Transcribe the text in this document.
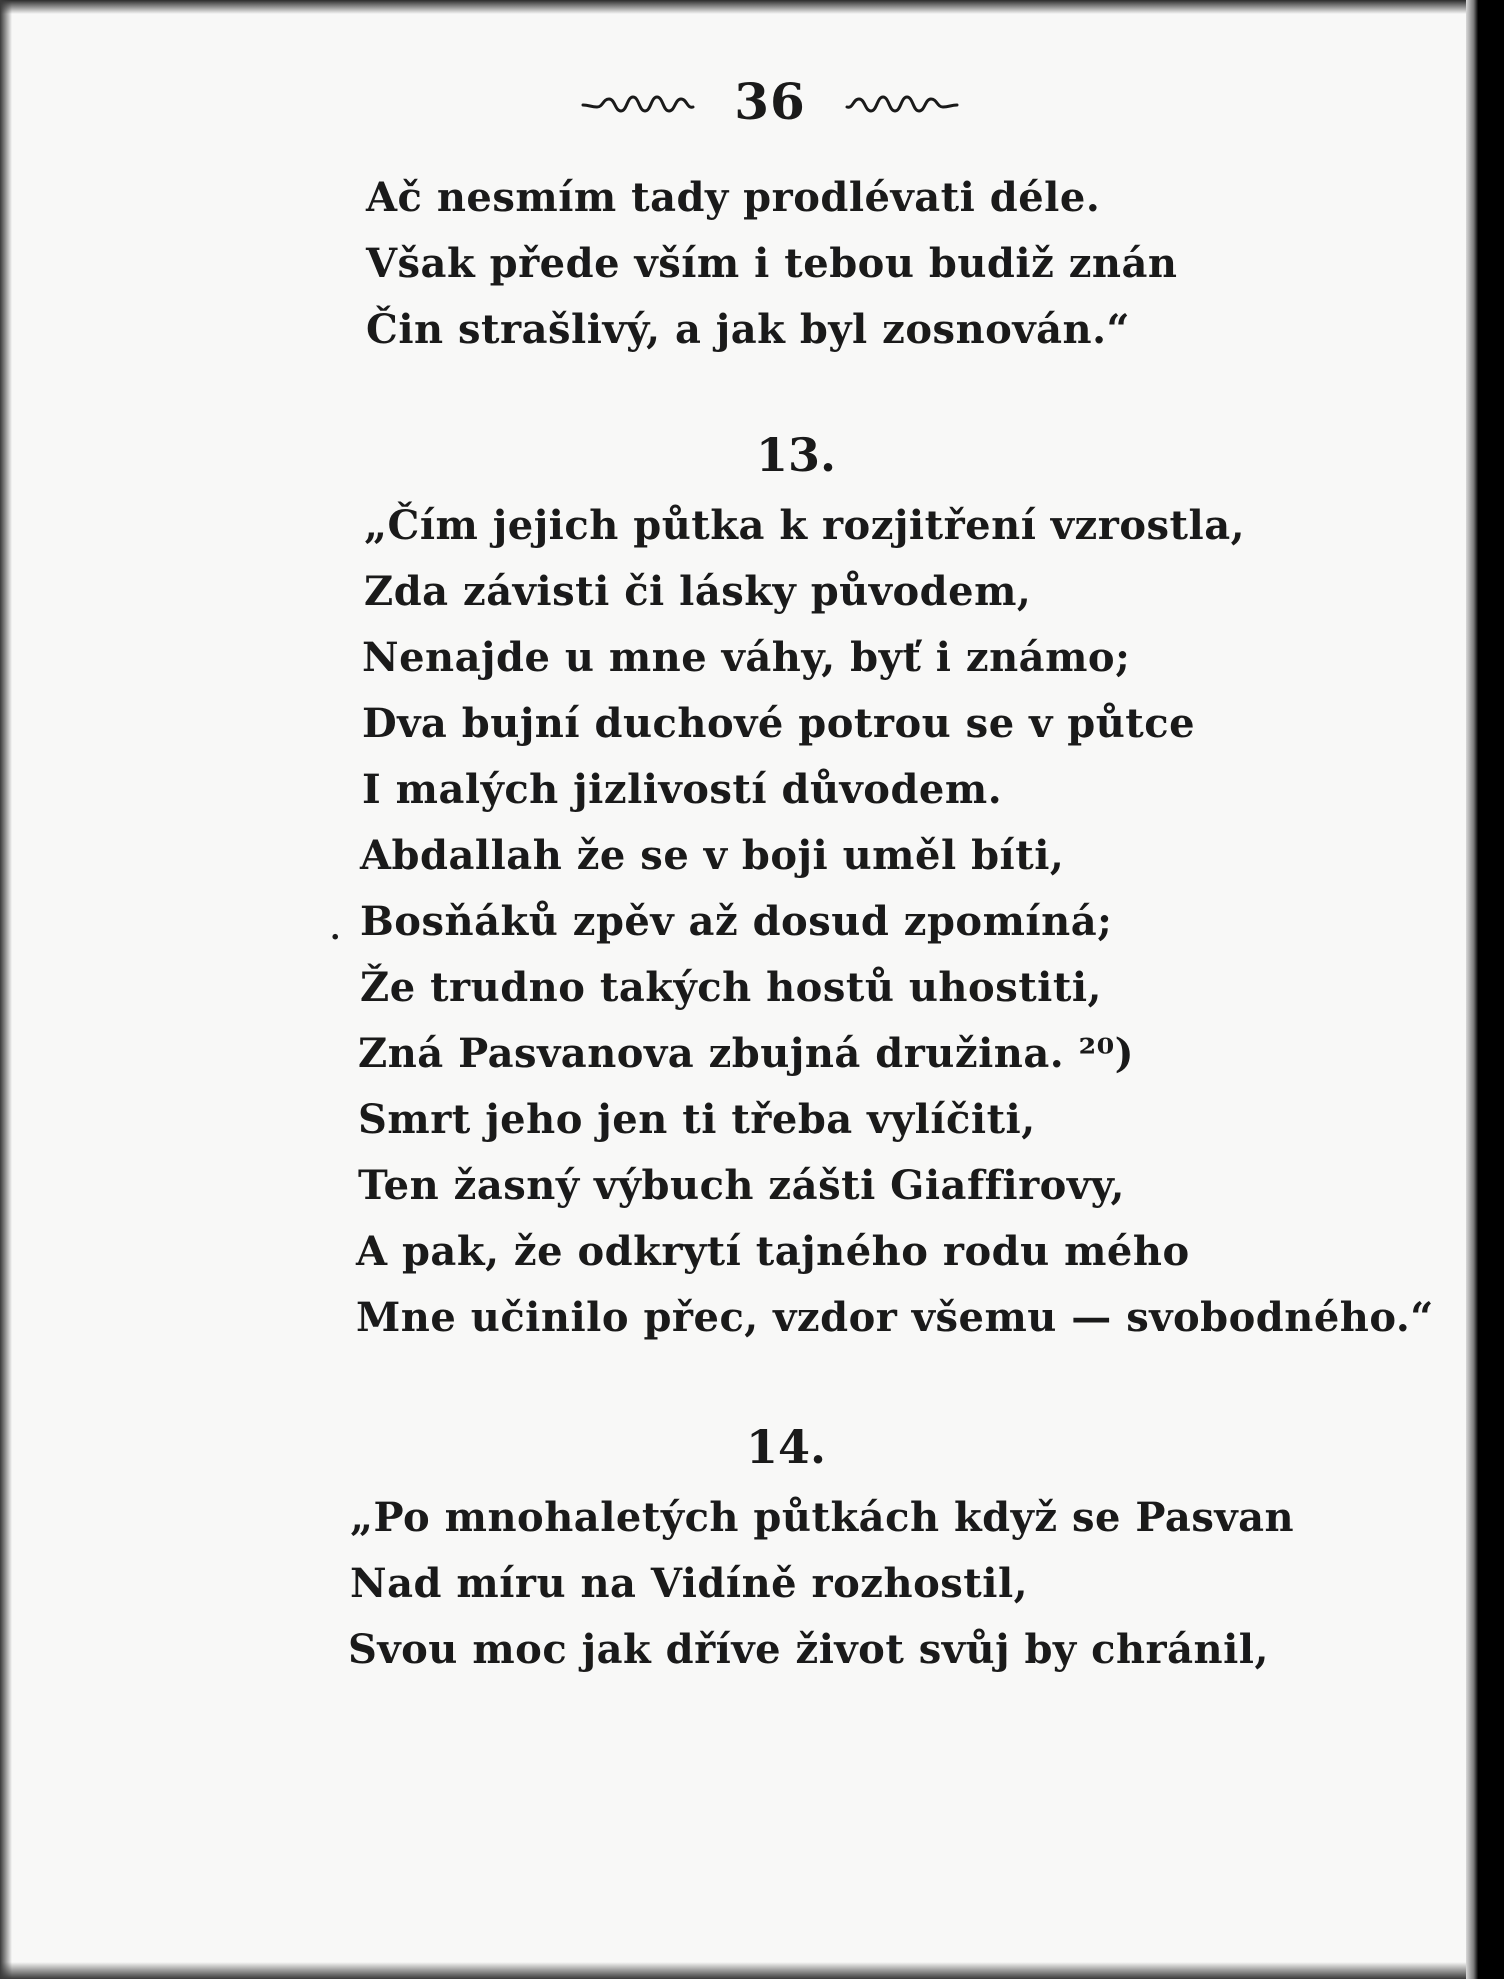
36
Ač nesmím tady prodlévati déle.
Však přede vším i tebou budiž znán
Čin strašlivý, a jak byl zosnován.“
13.
„Čím jejich půtka k rozjitření vzrostla,
Zda závisti či lásky původem,
Nenajde u mne váhy, byť i známo;
Dva bujní duchové potrou se v půtce
I malých jizlivostí důvodem.
Abdallah že se v boji uměl bíti,
. Bosňáků zpěv až dosud zpomíná;
Že trudno takých hostů uhostiti,
Zná Pasvanova zbujná družina. ²⁰)
Smrt jeho jen ti třeba vylíčiti,
Ten žasný výbuch zášti Giaffirovy,
A pak, že odkrytí tajného rodu mého
Mne učinilo přec, vzdor všemu — svobodného.“
14.
„Po mnohaletých půtkách když se Pasvan
Nad míru na Vidíně rozhostil,
Svou moc jak dříve život svůj by chránil,
